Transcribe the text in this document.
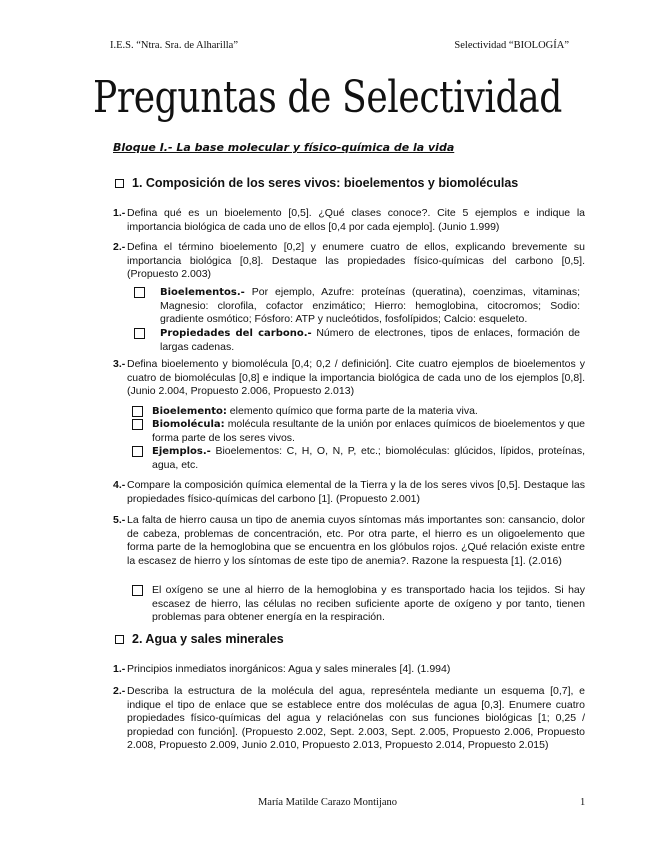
I.E.S. “Ntra. Sra. de Alharilla”	Selectividad “BIOLOGÍA”
Preguntas de Selectividad
Bloque I.- La base molecular y físico-química de la vida
1. Composición de los seres vivos: bioelementos y biomoléculas
1.- Defina qué es un bioelemento [0,5]. ¿Qué clases conoce?. Cite 5 ejemplos e indique la importancia biológica de cada uno de ellos [0,4 por cada ejemplo]. (Junio 1.999)
2.- Defina el término bioelemento [0,2] y enumere cuatro de ellos, explicando brevemente su importancia biológica [0,8]. Destaque las propiedades físico-químicas del carbono [0,5]. (Propuesto 2.003)
Bioelementos.- Por ejemplo, Azufre: proteínas (queratina), coenzimas, vitaminas; Magnesio: clorofila, cofactor enzimático; Hierro: hemoglobina, citocromos; Sodio: gradiente osmótico; Fósforo: ATP y nucleótidos, fosfolípidos; Calcio: esqueleto.
Propiedades del carbono.- Número de electrones, tipos de enlaces, formación de largas cadenas.
3.- Defina bioelemento y biomolécula [0,4; 0,2 / definición]. Cite cuatro ejemplos de bioelementos y cuatro de biomoléculas [0,8] e indique la importancia biológica de cada uno de los ejemplos [0,8]. (Junio 2.004, Propuesto 2.006, Propuesto 2.013)
Bioelemento: elemento químico que forma parte de la materia viva.
Biomolécula: molécula resultante de la unión por enlaces químicos de bioelementos y que forma parte de los seres vivos.
Ejemplos.- Bioelementos: C, H, O, N, P, etc.; biomoléculas: glúcidos, lípidos, proteínas, agua, etc.
4.- Compare la composición química elemental de la Tierra y la de los seres vivos [0,5]. Destaque las propiedades físico-químicas del carbono [1]. (Propuesto 2.001)
5.- La falta de hierro causa un tipo de anemia cuyos síntomas más importantes son: cansancio, dolor de cabeza, problemas de concentración, etc. Por otra parte, el hierro es un oligoelemento que forma parte de la hemoglobina que se encuentra en los glóbulos rojos. ¿Qué relación existe entre la escasez de hierro y los síntomas de este tipo de anemia?. Razone la respuesta [1]. (2.016)
El oxígeno se une al hierro de la hemoglobina y es transportado hacia los tejidos. Si hay escasez de hierro, las células no reciben suficiente aporte de oxígeno y por tanto, tienen problemas para obtener energía en la respiración.
2. Agua y sales minerales
1.- Principios inmediatos inorgánicos: Agua y sales minerales [4]. (1.994)
2.- Describa la estructura de la molécula del agua, represéntela mediante un esquema [0,7], e indique el tipo de enlace que se establece entre dos moléculas de agua [0,3]. Enumere cuatro propiedades físico-químicas del agua y relaciónelas con sus funciones biológicas [1; 0,25 / propiedad con función]. (Propuesto 2.002, Sept. 2.003, Sept. 2.005, Propuesto 2.006, Propuesto 2.008, Propuesto 2.009, Junio 2.010, Propuesto 2.013, Propuesto 2.014, Propuesto 2.015)
María Matilde Carazo Montijano	1
